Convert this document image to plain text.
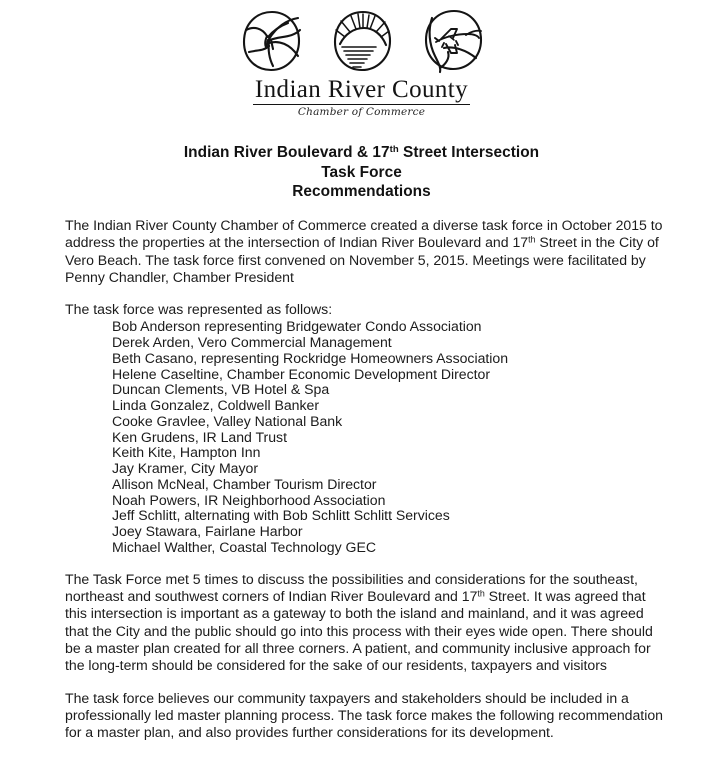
Indian River County
Chamber of Commerce
Indian River Boulevard & 17th Street Intersection
Task Force
Recommendations

The Indian River County Chamber of Commerce created a diverse task force in October 2015 to address the properties at the intersection of Indian River Boulevard and 17th Street in the City of Vero Beach. The task force first convened on November 5, 2015. Meetings were facilitated by Penny Chandler, Chamber President

The task force was represented as follows:

Bob Anderson representing Bridgewater Condo Association
Derek Arden, Vero Commercial Management
Beth Casano, representing Rockridge Homeowners Association
Helene Caseltine, Chamber Economic Development Director
Duncan Clements, VB Hotel & Spa
Linda Gonzalez, Coldwell Banker
Cooke Gravlee, Valley National Bank
Ken Grudens, IR Land Trust
Keith Kite, Hampton Inn
Jay Kramer, City Mayor
Allison McNeal, Chamber Tourism Director
Noah Powers, IR Neighborhood Association
Jeff Schlitt, alternating with Bob Schlitt Schlitt Services
Joey Stawara, Fairlane Harbor
Michael Walther, Coastal Technology GEC

The Task Force met 5 times to discuss the possibilities and considerations for the southeast, northeast and southwest corners of Indian River Boulevard and 17th Street. It was agreed that this intersection is important as a gateway to both the island and mainland, and it was agreed that the City and the public should go into this process with their eyes wide open. There should be a master plan created for all three corners. A patient, and community inclusive approach for the long-term should be considered for the sake of our residents, taxpayers and visitors

The task force believes our community taxpayers and stakeholders should be included in a professionally led master planning process. The task force makes the following recommendation for a master plan, and also provides further considerations for its development.
